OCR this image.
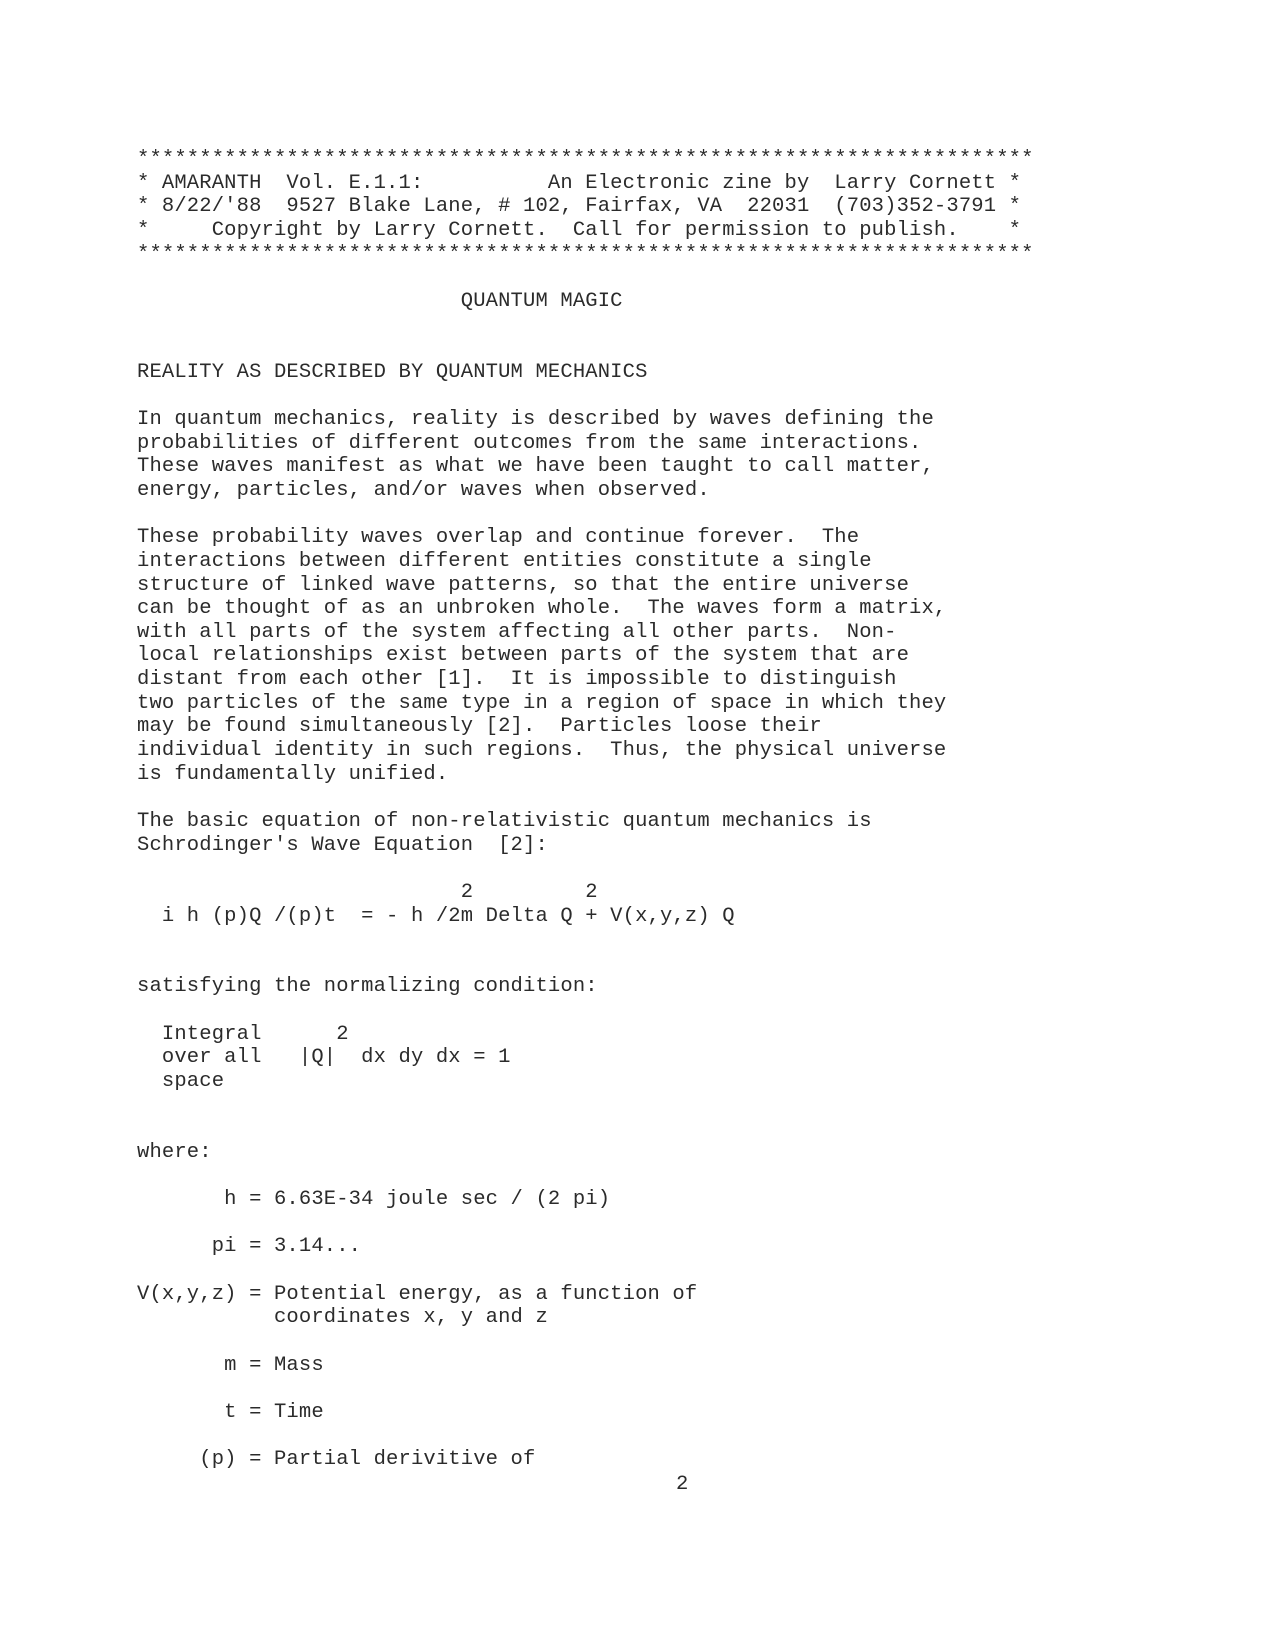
************************************************************************
* AMARANTH  Vol. E.1.1:          An Electronic zine by  Larry Cornett *
* 8/22/'88  9527 Blake Lane, # 102, Fairfax, VA  22031  (703)352-3791 *
*     Copyright by Larry Cornett.  Call for permission to publish.    *
************************************************************************
QUANTUM MAGIC
REALITY AS DESCRIBED BY QUANTUM MECHANICS
In quantum mechanics, reality is described by waves defining the
probabilities of different outcomes from the same interactions.
These waves manifest as what we have been taught to call matter,
energy, particles, and/or waves when observed.
These probability waves overlap and continue forever.  The
interactions between different entities constitute a single
structure of linked wave patterns, so that the entire universe
can be thought of as an unbroken whole.  The waves form a matrix,
with all parts of the system affecting all other parts.  Non-
local relationships exist between parts of the system that are
distant from each other [1].  It is impossible to distinguish
two particles of the same type in a region of space in which they
may be found simultaneously [2].  Particles loose their
individual identity in such regions.  Thus, the physical universe
is fundamentally unified.
The basic equation of non-relativistic quantum mechanics is
Schrodinger's Wave Equation  [2]:
2         2
i h (p)Q /(p)t  = - h /2m Delta Q + V(x,y,z) Q
satisfying the normalizing condition:
Integral      2
over all   |Q|  dx dy dx = 1
space
where:
h = 6.63E-34 joule sec / (2 pi)
pi = 3.14...
V(x,y,z) = Potential energy, as a function of
coordinates x, y and z
m = Mass
t = Time
(p) = Partial derivitive of
2
